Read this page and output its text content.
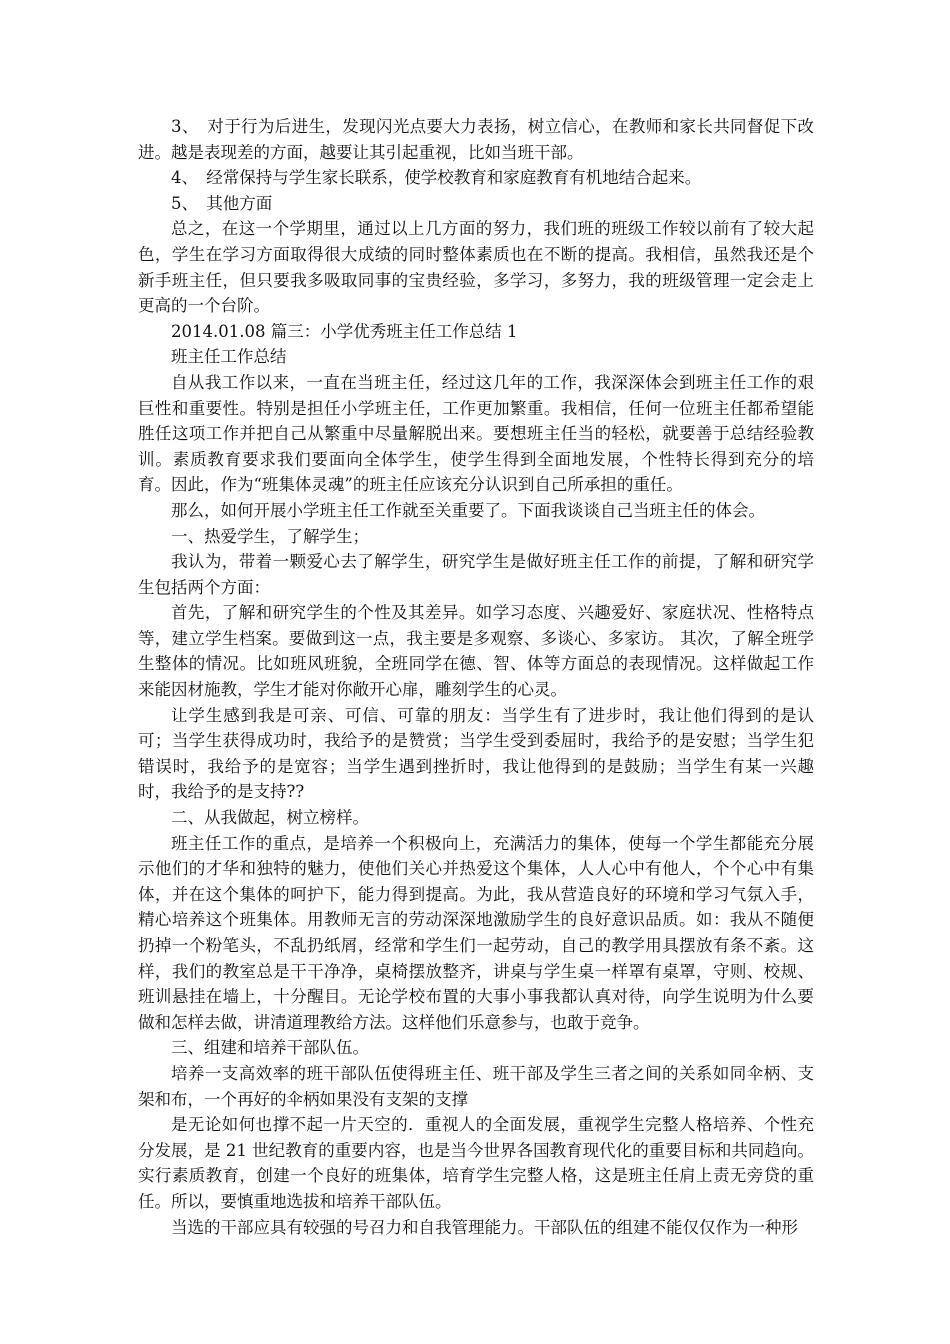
3、　对于行为后进生，发现闪光点要大力表扬，树立信心，在教师和家长共同督促下改进。越是表现差的方面，越要让其引起重视，比如当班干部。

4、　经常保持与学生家长联系，使学校教育和家庭教育有机地结合起来。

5、　其他方面

总之，在这一个学期里，通过以上几方面的努力，我们班的班级工作较以前有了较大起色，学生在学习方面取得很大成绩的同时整体素质也在不断的提高。我相信，虽然我还是个新手班主任，但只要我多吸取同事的宝贵经验，多学习，多努力，我的班级管理一定会走上更高的一个台阶。

2014.01.08 篇三：小学优秀班主任工作总结 1

班主任工作总结

自从我工作以来，一直在当班主任，经过这几年的工作，我深深体会到班主任工作的艰巨性和重要性。特别是担任小学班主任，工作更加繁重。我相信，任何一位班主任都希望能胜任这项工作并把自己从繁重中尽量解脱出来。要想班主任当的轻松，就要善于总结经验教训。素质教育要求我们要面向全体学生，使学生得到全面地发展，个性特长得到充分的培育。因此，作为“班集体灵魂”的班主任应该充分认识到自己所承担的重任。

那么，如何开展小学班主任工作就至关重要了。下面我谈谈自己当班主任的体会。

一、热爱学生，了解学生；

我认为，带着一颗爱心去了解学生，研究学生是做好班主任工作的前提，了解和研究学生包括两个方面：

首先，了解和研究学生的个性及其差异。如学习态度、兴趣爱好、家庭状况、性格特点等，建立学生档案。要做到这一点，我主要是多观察、多谈心、多家访。 其次，了解全班学生整体的情况。比如班风班貌，全班同学在德、智、体等方面总的表现情况。这样做起工作来能因材施教，学生才能对你敞开心扉，雕刻学生的心灵。

让学生感到我是可亲、可信、可靠的朋友：当学生有了进步时，我让他们得到的是认可；当学生获得成功时，我给予的是赞赏；当学生受到委屈时，我给予的是安慰；当学生犯错误时，我给予的是宽容；当学生遇到挫折时，我让他得到的是鼓励；当学生有某一兴趣时，我给予的是支持??

二、从我做起，树立榜样。

班主任工作的重点，是培养一个积极向上，充满活力的集体，使每一个学生都能充分展示他们的才华和独特的魅力，使他们关心并热爱这个集体，人人心中有他人，个个心中有集体，并在这个集体的呵护下，能力得到提高。为此，我从营造良好的环境和学习气氛入手，精心培养这个班集体。用教师无言的劳动深深地激励学生的良好意识品质。如：我从不随便扔掉一个粉笔头，不乱扔纸屑，经常和学生们一起劳动，自己的教学用具摆放有条不紊。这样，我们的教室总是干干净净，桌椅摆放整齐，讲桌与学生桌一样罩有桌罩，守则、校规、班训悬挂在墙上，十分醒目。无论学校布置的大事小事我都认真对待，向学生说明为什么要做和怎样去做，讲清道理教给方法。这样他们乐意参与，也敢于竞争。

三、组建和培养干部队伍。

培养一支高效率的班干部队伍使得班主任、班干部及学生三者之间的关系如同伞柄、支架和布，一个再好的伞柄如果没有支架的支撑

是无论如何也撑不起一片天空的．重视人的全面发展，重视学生完整人格培养、个性充分发展，是 21 世纪教育的重要内容，也是当今世界各国教育现代化的重要目标和共同趋向。实行素质教育，创建一个良好的班集体，培育学生完整人格，这是班主任肩上责无旁贷的重任。所以，要慎重地选拔和培养干部队伍。

当选的干部应具有较强的号召力和自我管理能力。干部队伍的组建不能仅仅作为一种形
